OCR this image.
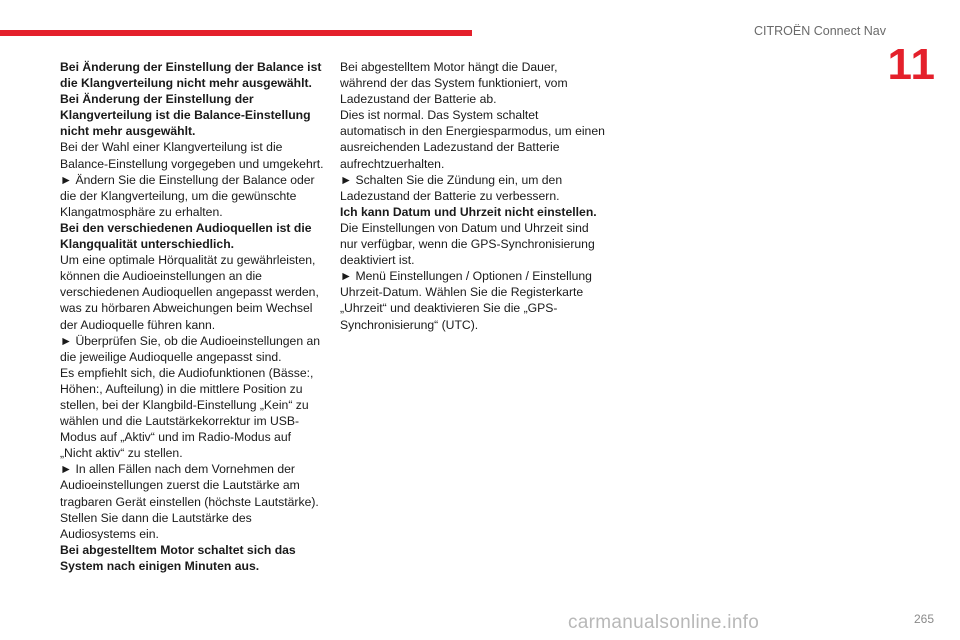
CITROËN Connect Nav
11

Bei Änderung der Einstellung der Balance ist die Klangverteilung nicht mehr ausgewählt.

Bei Änderung der Einstellung der Klangverteilung ist die Balance-Einstellung nicht mehr ausgewählt.

Bei der Wahl einer Klangverteilung ist die Balance-Einstellung vorgegeben und umgekehrt.

► Ändern Sie die Einstellung der Balance oder die der Klangverteilung, um die gewünschte Klangatmosphäre zu erhalten.

Bei den verschiedenen Audioquellen ist die Klangqualität unterschiedlich.

Um eine optimale Hörqualität zu gewährleisten, können die Audioeinstellungen an die verschiedenen Audioquellen angepasst werden, was zu hörbaren Abweichungen beim Wechsel der Audioquelle führen kann.

► Überprüfen Sie, ob die Audioeinstellungen an die jeweilige Audioquelle angepasst sind.

Es empfiehlt sich, die Audiofunktionen (Bässe:, Höhen:, Aufteilung) in die mittlere Position zu stellen, bei der Klangbild-Einstellung „Kein“ zu wählen und die Lautstärkekorrektur im USB-Modus auf „Aktiv“ und im Radio-Modus auf „Nicht aktiv“ zu stellen.

► In allen Fällen nach dem Vornehmen der Audioeinstellungen zuerst die Lautstärke am tragbaren Gerät einstellen (höchste Lautstärke). Stellen Sie dann die Lautstärke des Audiosystems ein.

Bei abgestelltem Motor schaltet sich das System nach einigen Minuten aus.

Bei abgestelltem Motor hängt die Dauer, während der das System funktioniert, vom Ladezustand der Batterie ab.

Dies ist normal. Das System schaltet automatisch in den Energiesparmodus, um einen ausreichenden Ladezustand der Batterie aufrechtzuerhalten.

► Schalten Sie die Zündung ein, um den Ladezustand der Batterie zu verbessern.

Ich kann Datum und Uhrzeit nicht einstellen.

Die Einstellungen von Datum und Uhrzeit sind nur verfügbar, wenn die GPS-Synchronisierung deaktiviert ist.

► Menü Einstellungen / Optionen / Einstellung Uhrzeit-Datum. Wählen Sie die Registerkarte „Uhrzeit“ und deaktivieren Sie die „GPS-Synchronisierung“ (UTC).

carmanualsonline.info	265
